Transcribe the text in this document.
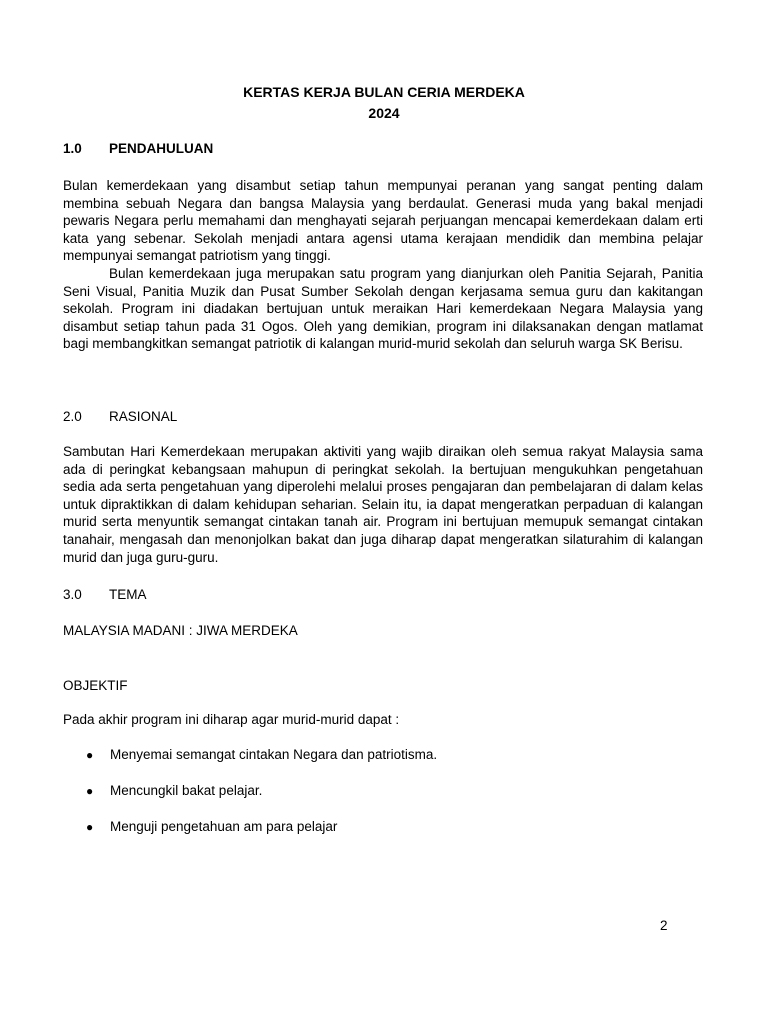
KERTAS KERJA BULAN CERIA MERDEKA
2024
1.0 PENDAHULUAN

Bulan kemerdekaan yang disambut setiap tahun mempunyai peranan yang sangat penting dalam membina sebuah Negara dan bangsa Malaysia yang berdaulat. Generasi muda yang bakal menjadi pewaris Negara perlu memahami dan menghayati sejarah perjuangan mencapai kemerdekaan dalam erti kata yang sebenar. Sekolah menjadi antara agensi utama kerajaan mendidik dan membina pelajar mempunyai semangat patriotism yang tinggi.

Bulan kemerdekaan juga merupakan satu program yang dianjurkan oleh Panitia Sejarah, Panitia Seni Visual, Panitia Muzik dan Pusat Sumber Sekolah dengan kerjasama semua guru dan kakitangan sekolah. Program ini diadakan bertujuan untuk meraikan Hari kemerdekaan Negara Malaysia yang disambut setiap tahun pada 31 Ogos. Oleh yang demikian, program ini dilaksanakan dengan matlamat bagi membangkitkan semangat patriotik di kalangan murid-murid sekolah dan seluruh warga SK Berisu.

2.0 RASIONAL

Sambutan Hari Kemerdekaan merupakan aktiviti yang wajib diraikan oleh semua rakyat Malaysia sama ada di peringkat kebangsaan mahupun di peringkat sekolah. Ia bertujuan mengukuhkan pengetahuan sedia ada serta pengetahuan yang diperolehi melalui proses pengajaran dan pembelajaran di dalam kelas untuk dipraktikkan di dalam kehidupan seharian. Selain itu, ia dapat mengeratkan perpaduan di kalangan murid serta menyuntik semangat cintakan tanah air. Program ini bertujuan memupuk semangat cintakan tanahair, mengasah dan menonjolkan bakat dan juga diharap dapat mengeratkan silaturahim di kalangan murid dan juga guru-guru.

3.0 TEMA
MALAYSIA MADANI : JIWA MERDEKA
OBJEKTIF
Pada akhir program ini diharap agar murid-murid dapat :
● Menyemai semangat cintakan Negara dan patriotisma.
● Mencungkil bakat pelajar.
● Menguji pengetahuan am para pelajar
2
